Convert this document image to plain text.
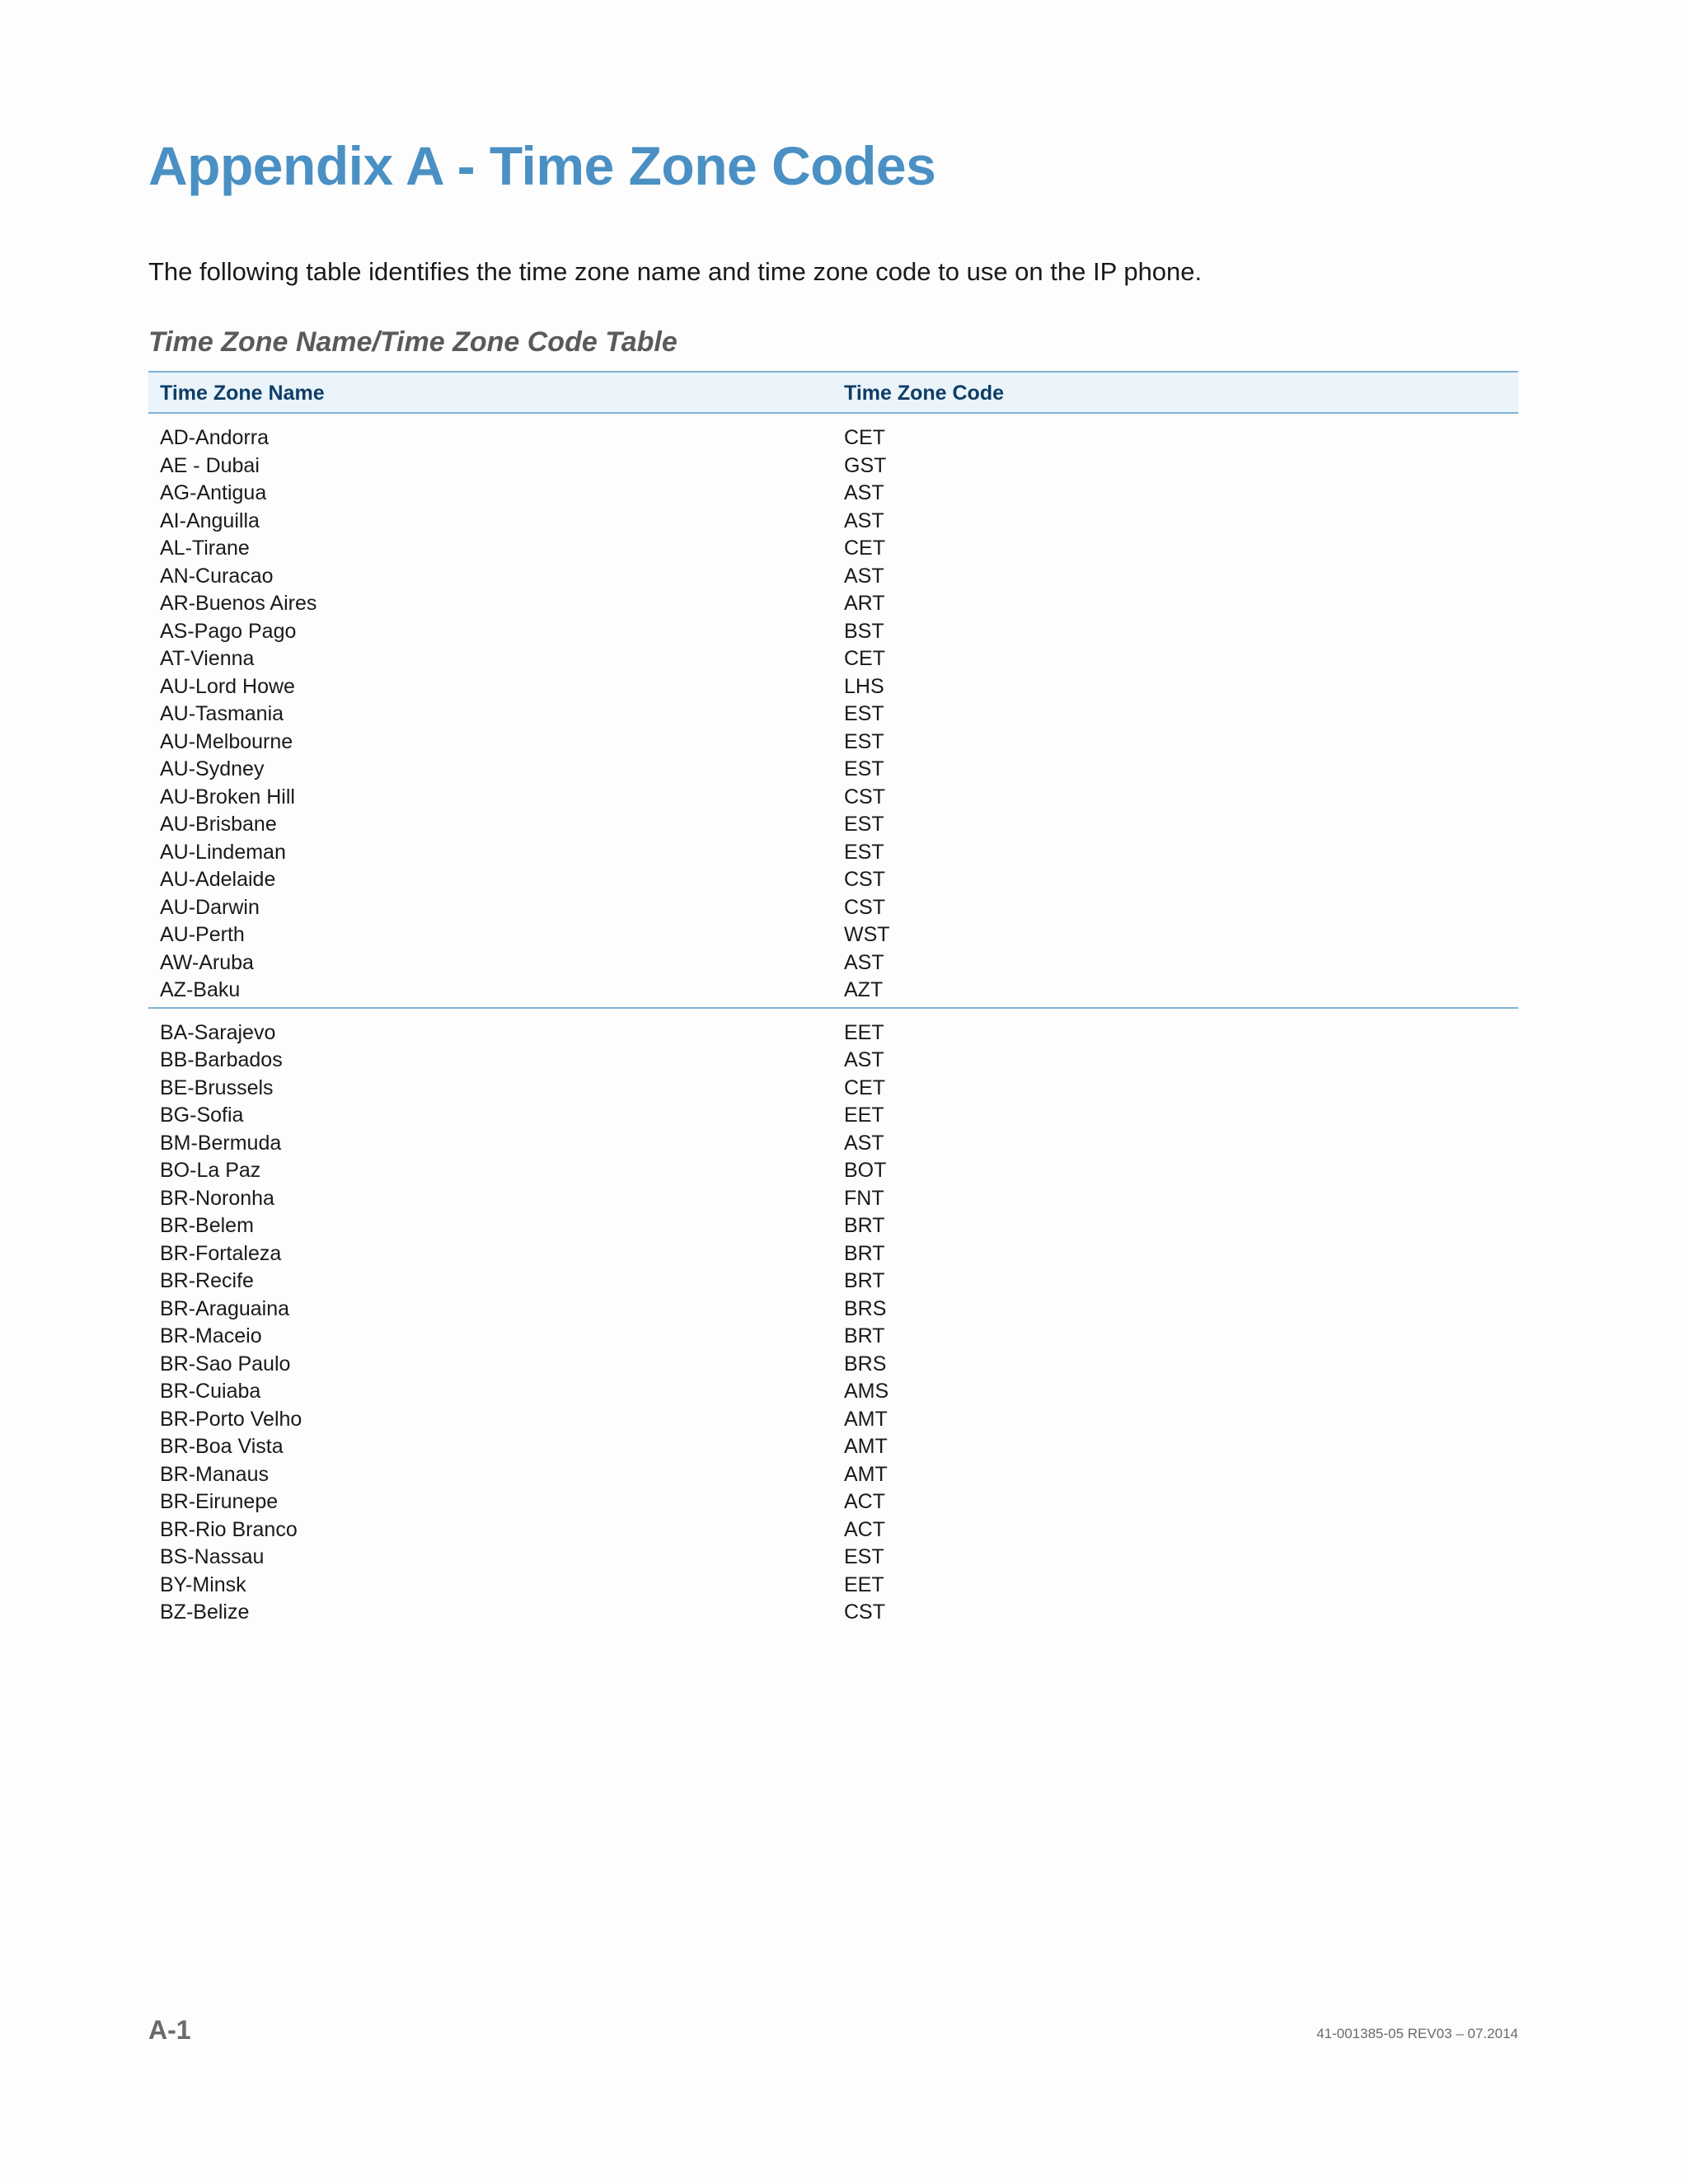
Appendix A - Time Zone Codes

The following table identifies the time zone name and time zone code to use on the IP phone.

Time Zone Name/Time Zone Code Table
Time Zone Name	Time Zone Code
AD-Andorra	CET
AE - Dubai	GST
AG-Antigua	AST
AI-Anguilla	AST
AL-Tirane	CET
AN-Curacao	AST
AR-Buenos Aires	ART
AS-Pago Pago	BST
AT-Vienna	CET
AU-Lord Howe	LHS
AU-Tasmania	EST
AU-Melbourne	EST
AU-Sydney	EST
AU-Broken Hill	CST
AU-Brisbane	EST
AU-Lindeman	EST
AU-Adelaide	CST
AU-Darwin	CST
AU-Perth	WST
AW-Aruba	AST
AZ-Baku	AZT
BA-Sarajevo	EET
BB-Barbados	AST
BE-Brussels	CET
BG-Sofia	EET
BM-Bermuda	AST
BO-La Paz	BOT
BR-Noronha	FNT
BR-Belem	BRT
BR-Fortaleza	BRT
BR-Recife	BRT
BR-Araguaina	BRS
BR-Maceio	BRT
BR-Sao Paulo	BRS
BR-Cuiaba	AMS
BR-Porto Velho	AMT
BR-Boa Vista	AMT
BR-Manaus	AMT
BR-Eirunepe	ACT
BR-Rio Branco	ACT
BS-Nassau	EST
BY-Minsk	EET
BZ-Belize	CST
A-1	41-001385-05 REV03 – 07.2014
